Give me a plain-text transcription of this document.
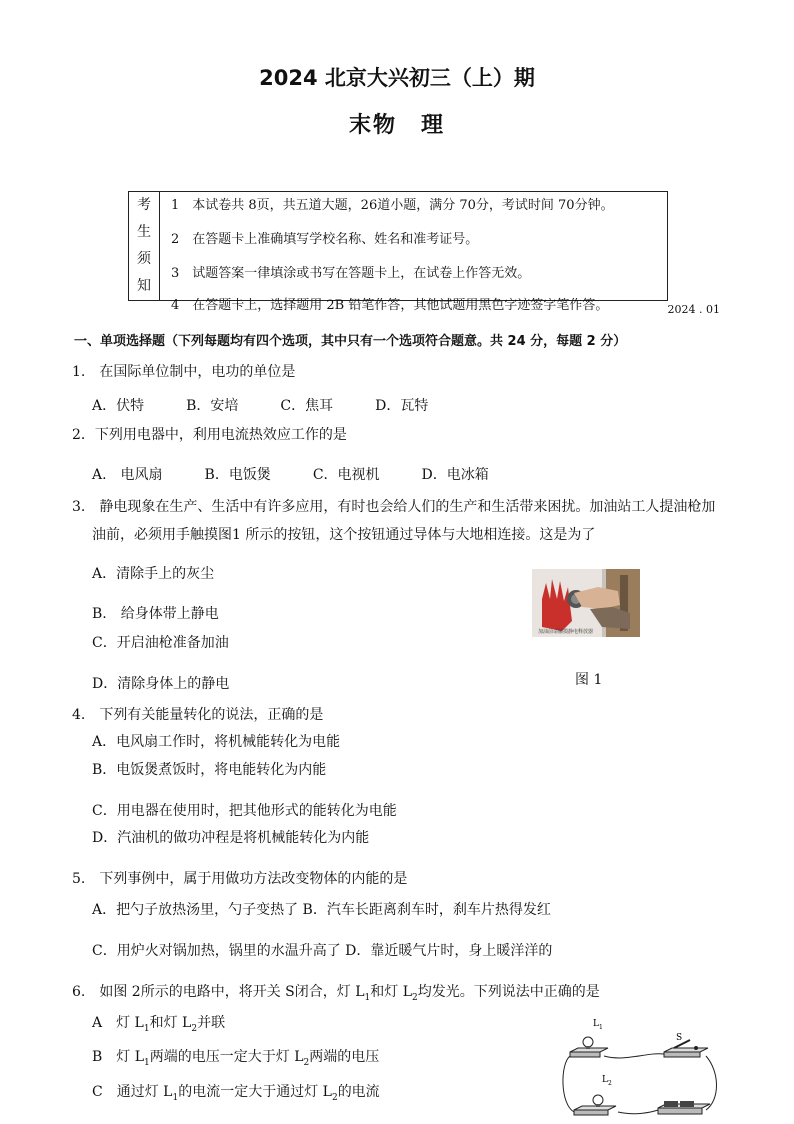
2024 北京大兴初三（上）期
末物　理
考
生
须
知
1　本试卷共 8页，共五道大题，26道小题，满分 70分，考试时间 70分钟。
2　在答题卡上准确填写学校名称、姓名和准考证号。
3　试题答案一律填涂或书写在答题卡上，在试卷上作答无效。
4　在答题卡上，选择题用 2B 铅笔作答，其他试题用黑色字迹签字笔作答。	2024 . 01
一、单项选择题（下列每题均有四个选项，其中只有一个选项符合题意。共 24 分，每题 2 分）
1.　在国际单位制中，电功的单位是
A．伏特　　　B．安培　　　C．焦耳　　　D．瓦特
2．下列用电器中，利用电流热效应工作的是
A.　电风扇　　　B．电饭煲　　　C．电视机　　　D．电冰箱
3.　静电现象在生产、生活中有许多应用，有时也会给人们的生产和生活带来困扰。加油站工人提油枪加
油前，必须用手触摸图1 所示的按钮，这个按钮通过导体与大地相连接。这是为了
A．清除手上的灰尘
B.　给身体带上静电
C．开启油枪准备加油
D．清除身体上的静电
加油前请触摸静电释放器
图 1
4.　下列有关能量转化的说法，正确的是
A．电风扇工作时，将机械能转化为电能
B．电饭煲煮饭时，将电能转化为内能
C．用电器在使用时，把其他形式的能转化为电能
D．汽油机的做功冲程是将机械能转化为内能
5.　下列事例中，属于用做功方法改变物体的内能的是
A．把勺子放热汤里，勺子变热了 B．汽车长距离刹车时，刹车片热得发红
C．用炉火对锅加热，锅里的水温升高了 D．靠近暖气片时，身上暖洋洋的
6.　如图 2所示的电路中，将开关 S闭合，灯 $L_1$和灯 $L_2$均发光。下列说法中正确的是
A　灯 $L_1$和灯 $L_2$并联
B　灯 $L_1$两端的电压一定大于灯 $L_2$两端的电压
C　通过灯 $L_1$的电流一定大于通过灯 $L_2$的电流
$L_1$
S
$L_2$
